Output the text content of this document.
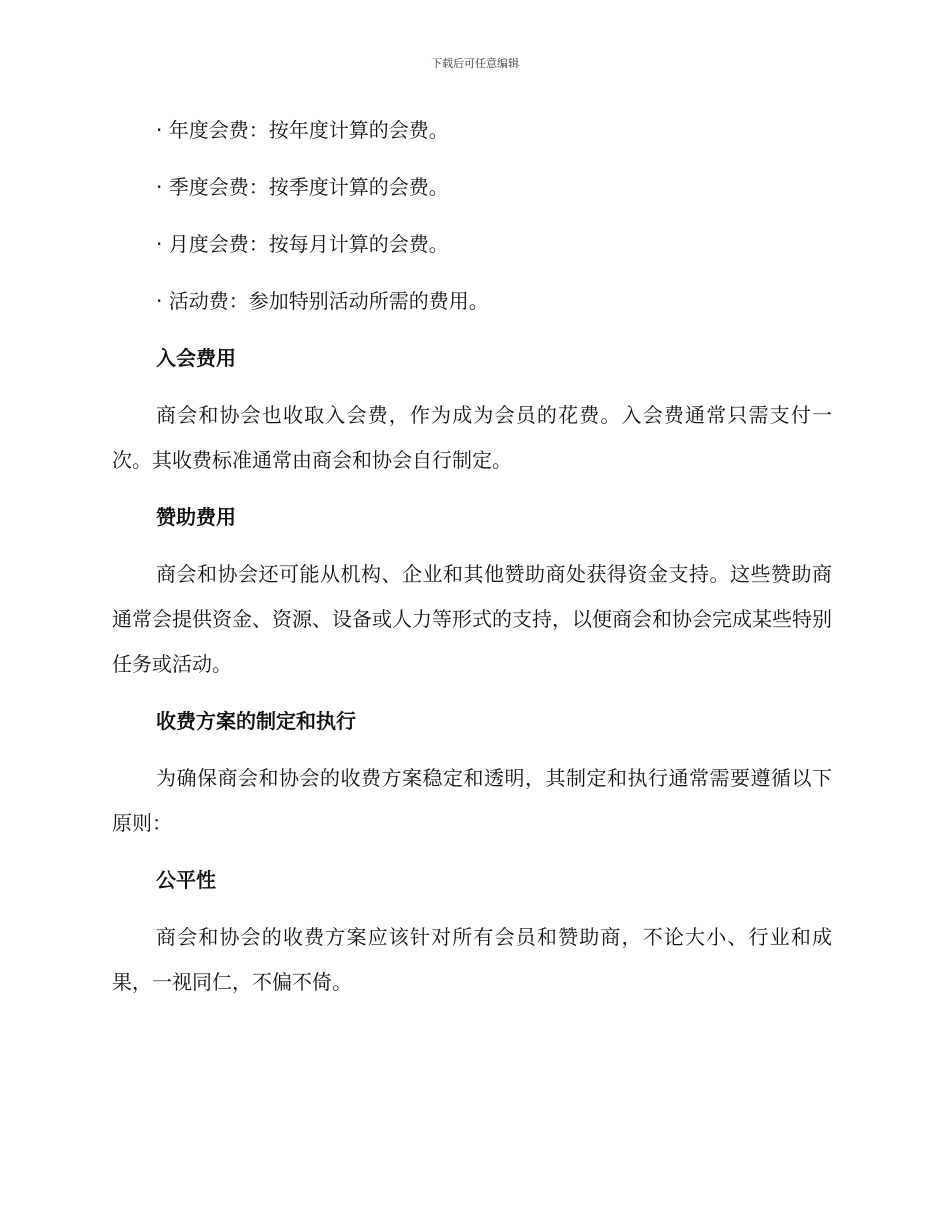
下载后可任意编辑
· 年度会费：按年度计算的会费。
· 季度会费：按季度计算的会费。
· 月度会费：按每月计算的会费。
· 活动费：参加特别活动所需的费用。
入会费用
商会和协会也收取入会费，作为成为会员的花费。入会费通常只需支付一次。其收费标准通常由商会和协会自行制定。
赞助费用
商会和协会还可能从机构、企业和其他赞助商处获得资金支持。这些赞助商通常会提供资金、资源、设备或人力等形式的支持，以便商会和协会完成某些特别任务或活动。
收费方案的制定和执行
为确保商会和协会的收费方案稳定和透明，其制定和执行通常需要遵循以下原则：
公平性
商会和协会的收费方案应该针对所有会员和赞助商，不论大小、行业和成果，一视同仁，不偏不倚。
